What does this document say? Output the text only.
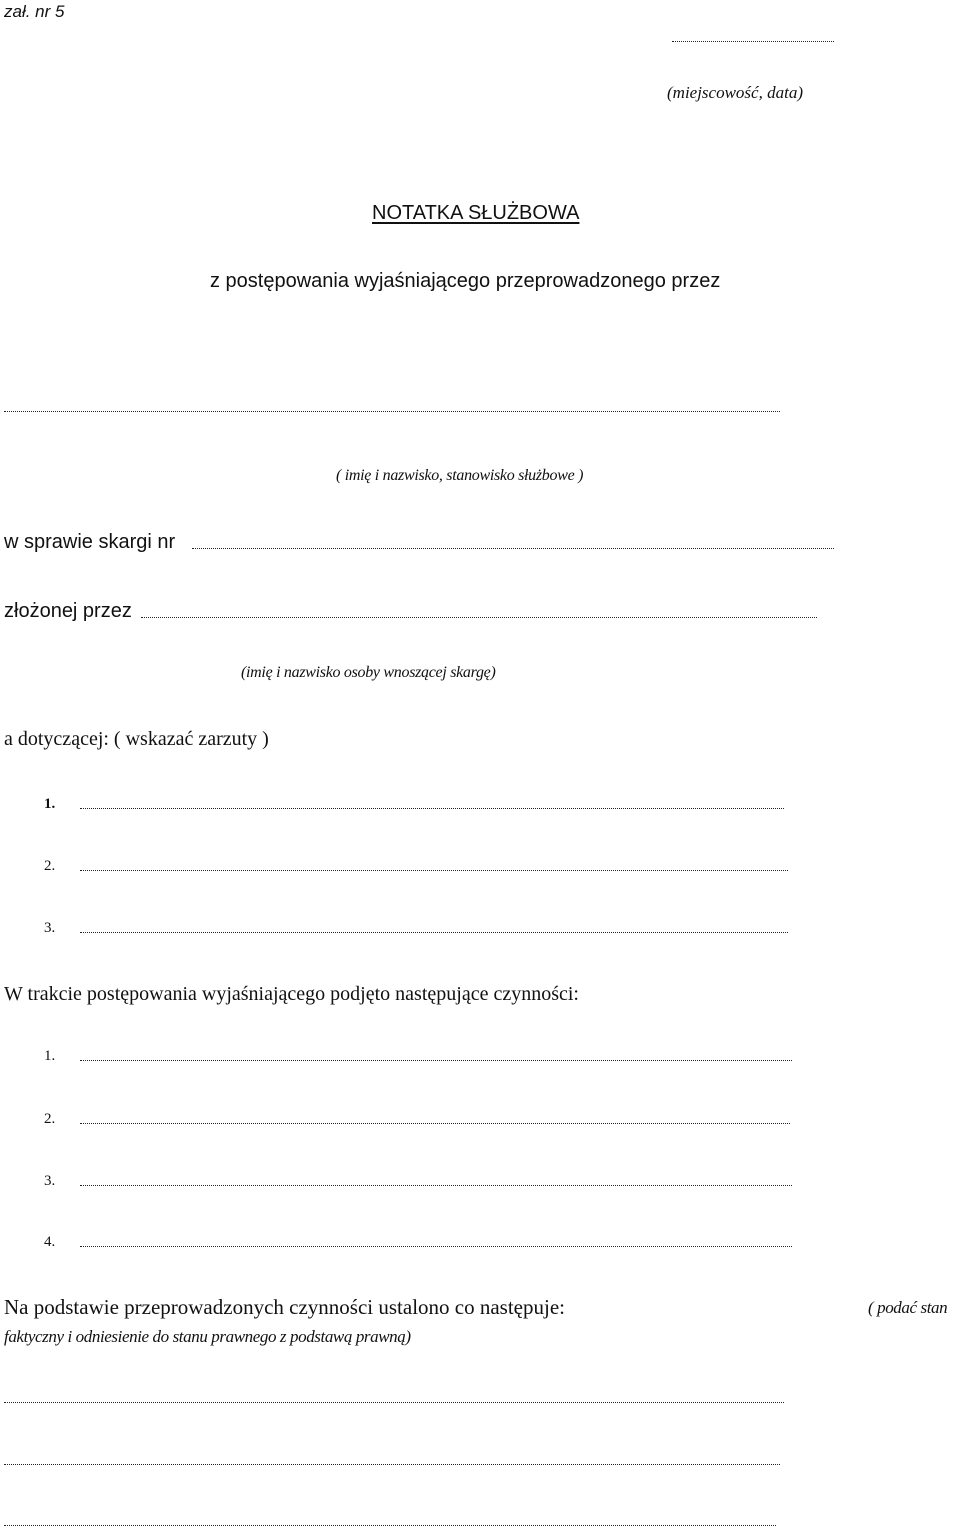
zał. nr 5
(miejscowość, data)
NOTATKA SŁUŻBOWA
z postępowania wyjaśniającego przeprowadzonego przez
( imię i nazwisko, stanowisko służbowe )
w sprawie skargi nr
złożonej przez
(imię i nazwisko osoby wnoszącej skargę)
a dotyczącej: ( wskazać zarzuty )
1.
2.
3.
W trakcie postępowania wyjaśniającego podjęto następujące czynności:
1.
2.
3.
4.
Na podstawie przeprowadzonych czynności ustalono co następuje:	( podać stan
faktyczny i odniesienie do stanu prawnego z podstawą prawną)
